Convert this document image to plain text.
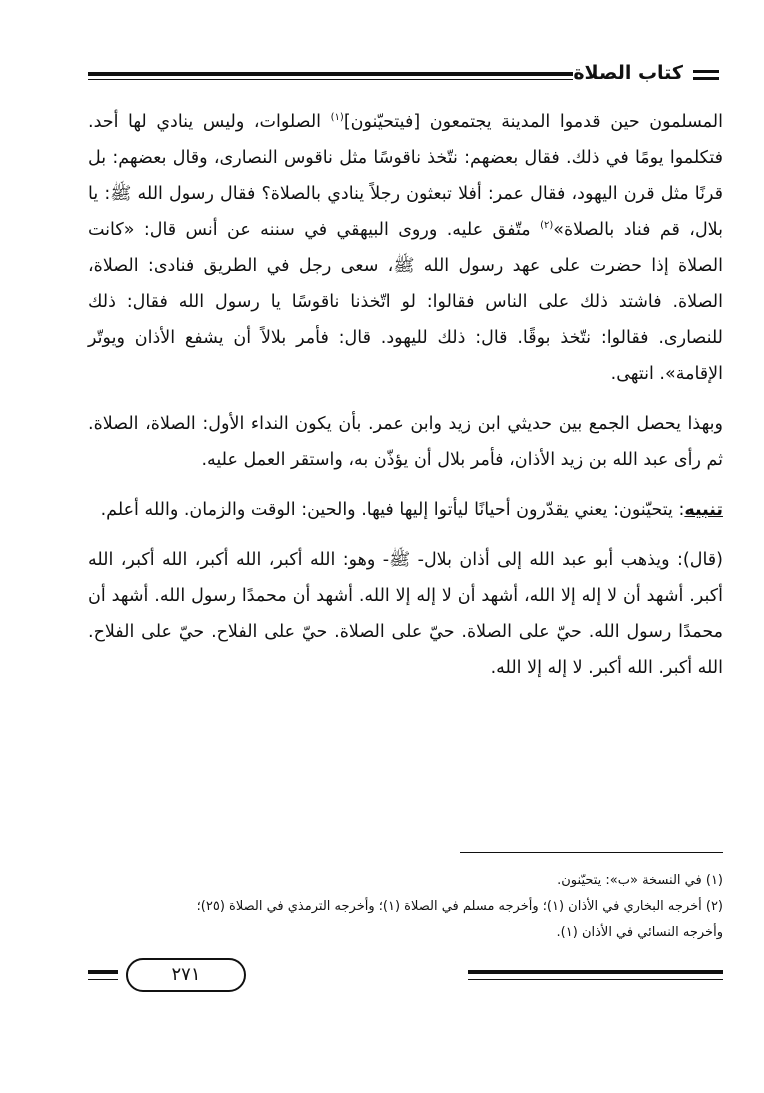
كتاب الصلاة

المسلمون حين قدموا المدينة يجتمعون [فيتحيّنون]$^{(١)}$ الصلوات، وليس ينادي لها أحد. فتكلموا يومًا في ذلك. فقال بعضهم: نتّخذ ناقوسًا مثل ناقوس النصارى، وقال بعضهم: بل قرنًا مثل قرن اليهود، فقال عمر: أفلا تبعثون رجلاً ينادي بالصلاة؟ فقال رسول الله ﷺ: يا بلال، قم فناد بالصلاة»$^{(٢)}$ متّفق عليه. وروى البيهقي في سننه عن أنس قال: «كانت الصلاة إذا حضرت على عهد رسول الله ﷺ، سعى رجل في الطريق فنادى: الصلاة، الصلاة. فاشتد ذلك على الناس فقالوا: لو اتّخذنا ناقوسًا يا رسول الله فقال: ذلك للنصارى. فقالوا: نتّخذ بوقًا. قال: ذلك لليهود. قال: فأمر بلالاً أن يشفع الأذان ويوتّر الإقامة». انتهى.

وبهذا يحصل الجمع بين حديثي ابن زيد وابن عمر. بأن يكون النداء الأول: الصلاة، الصلاة. ثم رأى عبد الله بن زيد الأذان، فأمر بلال أن يؤذّن به، واستقر العمل عليه.

تنبيه: يتحيّنون: يعني يقدّرون أحيانًا ليأتوا إليها فيها. والحين: الوقت والزمان. والله أعلم.

(قال): ويذهب أبو عبد الله إلى أذان بلال- ﷺ- وهو: الله أكبر، الله أكبر، الله أكبر، الله أكبر. أشهد أن لا إله إلا الله، أشهد أن لا إله إلا الله. أشهد أن محمدًا رسول الله. أشهد أن محمدًا رسول الله. حيّ على الصلاة. حيّ على الصلاة. حيّ على الفلاح. حيّ على الفلاح. الله أكبر. الله أكبر. لا إله إلا الله.

(١) في النسخة «ب»: يتحيّنون.
(٢) أخرجه البخاري في الأذان (١)؛ وأخرجه مسلم في الصلاة (١)؛ وأخرجه الترمذي في الصلاة (٢٥)؛
وأخرجه النسائي في الأذان (١).
٢٧١
